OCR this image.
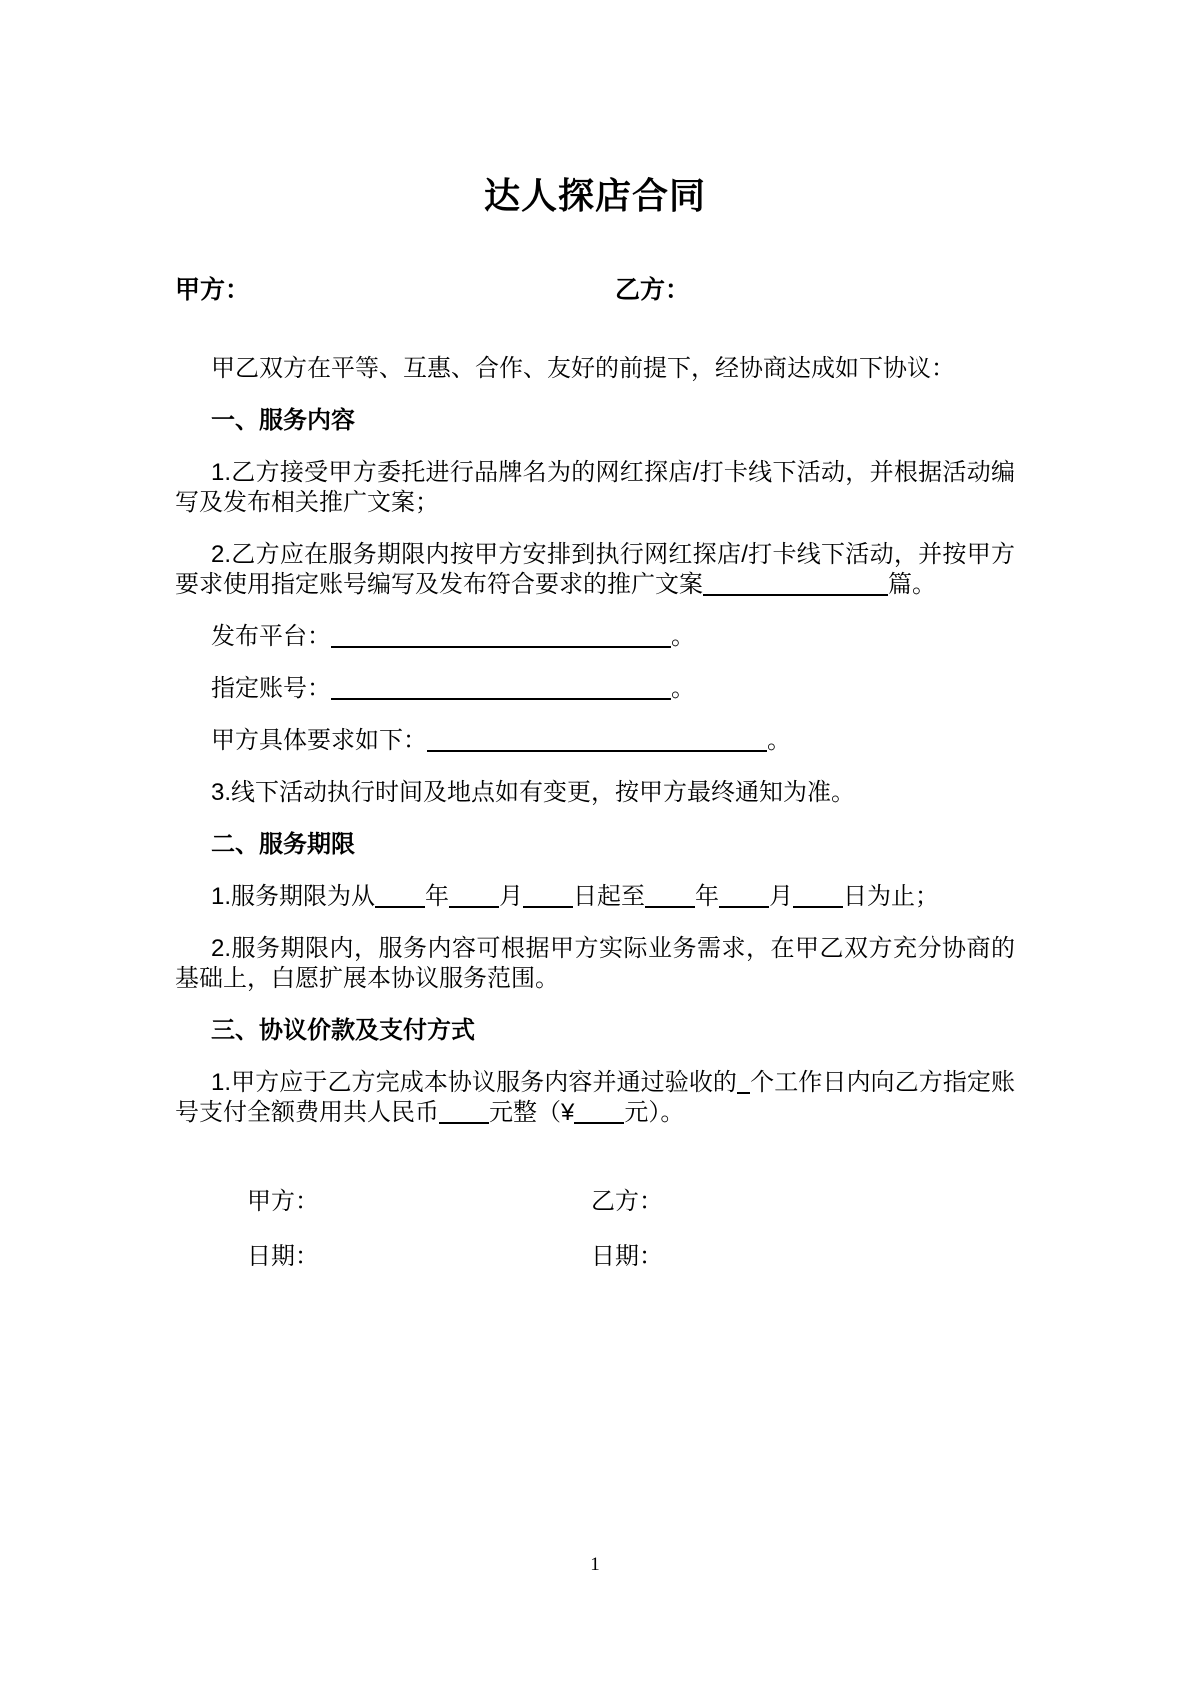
达人探店合同
甲方：	乙方：

甲乙双方在平等、互惠、合作、友好的前提下，经协商达成如下协议：

一、服务内容

1.乙方接受甲方委托进行品牌名为的网红探店/打卡线下活动，并根据活动编写及发布相关推广文案；

2.乙方应在服务期限内按甲方安排到执行网红探店/打卡线下活动，并按甲方要求使用指定账号编写及发布符合要求的推广文案	篇。

发布平台：	。

指定账号：	。

甲方具体要求如下：	。

3.线下活动执行时间及地点如有变更，按甲方最终通知为准。

二、服务期限

1.服务期限为从 年 月 日起至 年 月 日为止；

2.服务期限内，服务内容可根据甲方实际业务需求，在甲乙双方充分协商的基础上，白愿扩展本协议服务范围。

三、协议价款及支付方式

1.甲方应于乙方完成本协议服务内容并通过验收的 个工作日内向乙方指定账号支付全额费用共人民币 元整（¥ 元）。

甲方：	乙方：

日期：	日期：

1
